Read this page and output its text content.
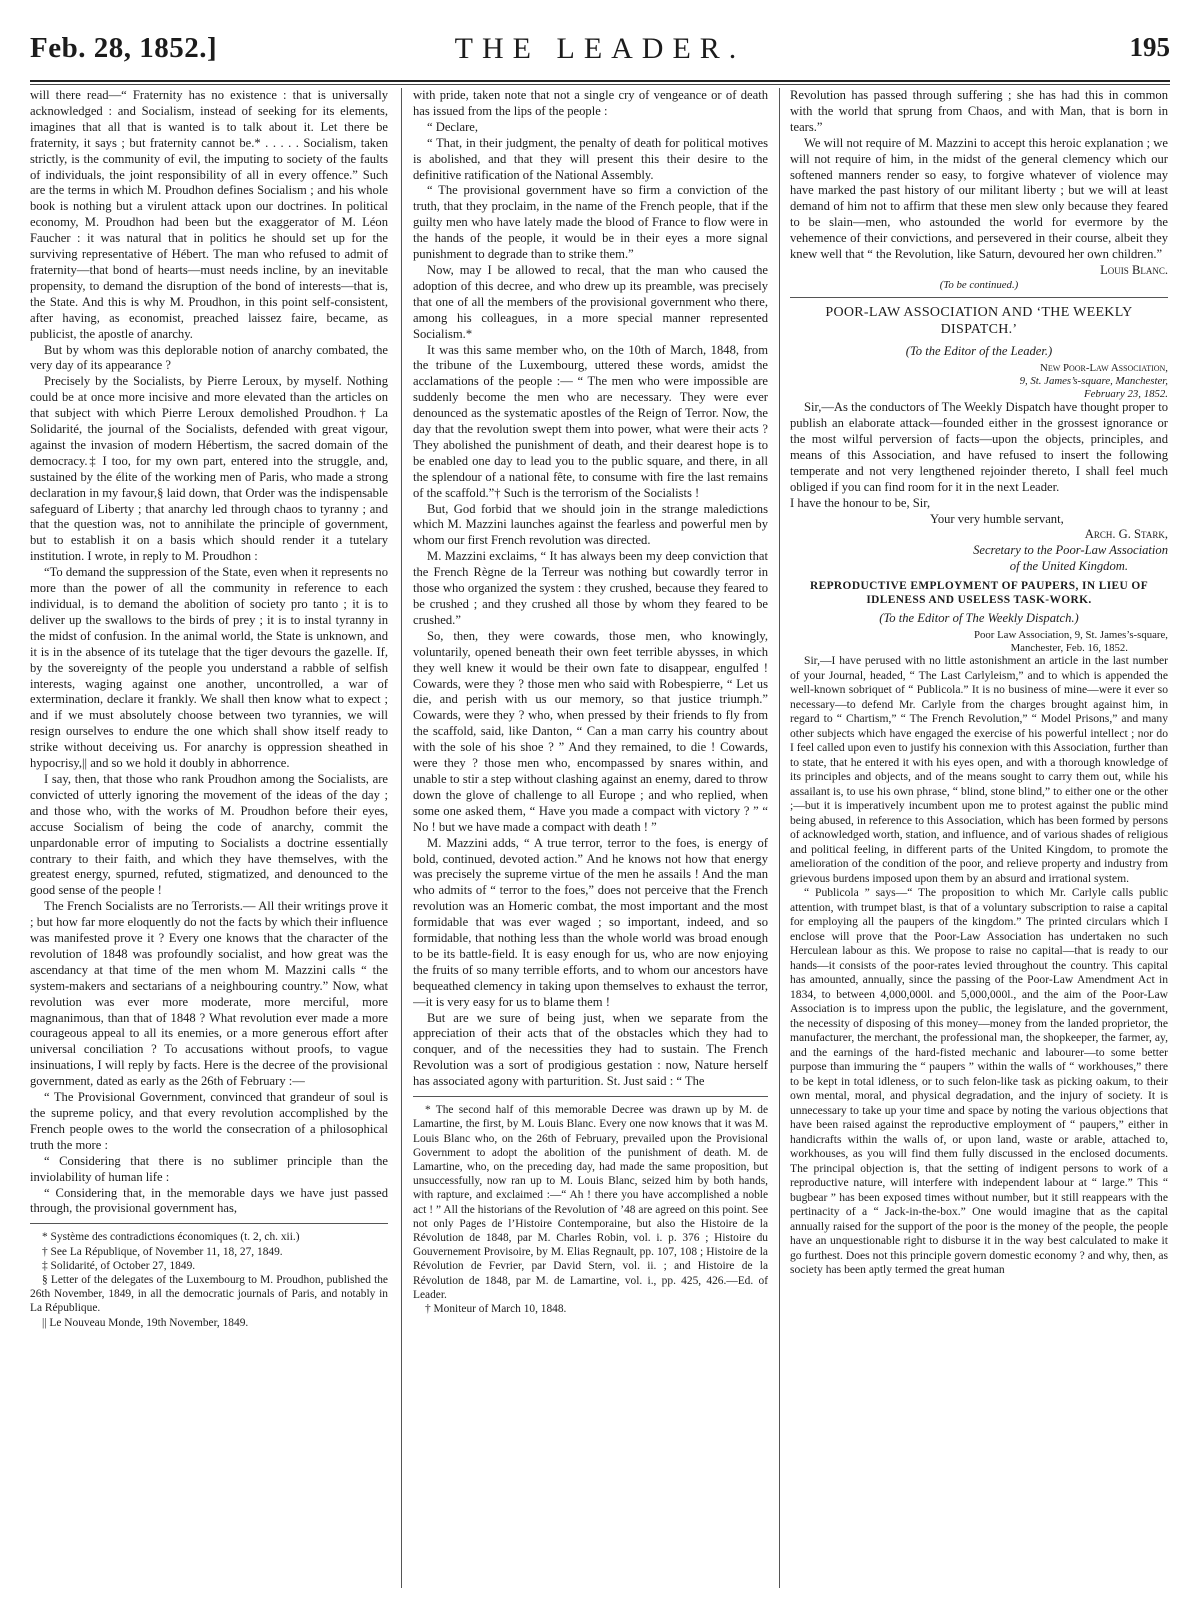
Feb. 28, 1852.]	THE LEADER.	195

will there read—“ Fraternity has no existence : that is universally acknowledged : and Socialism, instead of seeking for its elements, imagines that all that is wanted is to talk about it. Let there be fraternity, it says ; but fraternity cannot be.* . . . . . Socialism, taken strictly, is the community of evil, the imputing to society of the faults of individuals, the joint responsibility of all in every offence.” Such are the terms in which M. Proudhon defines Socialism ; and his whole book is nothing but a virulent attack upon our doctrines. In political economy, M. Proudhon had been but the exaggerator of M. Léon Faucher : it was natural that in politics he should set up for the surviving representative of Hébert. The man who refused to admit of fraternity—that bond of hearts—must needs incline, by an inevitable propensity, to demand the disruption of the bond of interests—that is, the State. And this is why M. Proudhon, in this point self-consistent, after having, as economist, preached laissez faire, became, as publicist, the apostle of anarchy.

But by whom was this deplorable notion of anarchy combated, the very day of its appearance ?

Precisely by the Socialists, by Pierre Leroux, by myself. Nothing could be at once more incisive and more elevated than the articles on that subject with which Pierre Leroux demolished Proudhon.† La Solidarité, the journal of the Socialists, defended with great vigour, against the invasion of modern Hébertism, the sacred domain of the democracy.‡ I too, for my own part, entered into the struggle, and, sustained by the élite of the working men of Paris, who made a strong declaration in my favour,§ laid down, that Order was the indispensable safeguard of Liberty ; that anarchy led through chaos to tyranny ; and that the question was, not to annihilate the principle of government, but to establish it on a basis which should render it a tutelary institution. I wrote, in reply to M. Proudhon :

“To demand the suppression of the State, even when it represents no more than the power of all the community in reference to each individual, is to demand the abolition of society pro tanto ; it is to deliver up the swallows to the birds of prey ; it is to instal tyranny in the midst of confusion. In the animal world, the State is unknown, and it is in the absence of its tutelage that the tiger devours the gazelle. If, by the sovereignty of the people you understand a rabble of selfish interests, waging against one another, uncontrolled, a war of extermination, declare it frankly. We shall then know what to expect ; and if we must absolutely choose between two tyrannies, we will resign ourselves to endure the one which shall show itself ready to strike without deceiving us. For anarchy is oppression sheathed in hypocrisy,|| and so we hold it doubly in abhorrence.

I say, then, that those who rank Proudhon among the Socialists, are convicted of utterly ignoring the movement of the ideas of the day ; and those who, with the works of M. Proudhon before their eyes, accuse Socialism of being the code of anarchy, commit the unpardonable error of imputing to Socialists a doctrine essentially contrary to their faith, and which they have themselves, with the greatest energy, spurned, refuted, stigmatized, and denounced to the good sense of the people !

The French Socialists are no Terrorists.— All their writings prove it ; but how far more eloquently do not the facts by which their influence was manifested prove it ? Every one knows that the character of the revolution of 1848 was profoundly socialist, and how great was the ascendancy at that time of the men whom M. Mazzini calls “ the system-makers and sectarians of a neighbouring country.” Now, what revolution was ever more moderate, more merciful, more magnanimous, than that of 1848 ? What revolution ever made a more courageous appeal to all its enemies, or a more generous effort after universal conciliation ? To accusations without proofs, to vague insinuations, I will reply by facts. Here is the decree of the provisional government, dated as early as the 26th of February :—

“ The Provisional Government, convinced that grandeur of soul is the supreme policy, and that every revolution accomplished by the French people owes to the world the consecration of a philosophical truth the more :

“ Considering that there is no sublimer principle than the inviolability of human life :

“ Considering that, in the memorable days we have just passed through, the provisional government has,

* Système des contradictions économiques (t. 2, ch. xii.)

† See La République, of November 11, 18, 27, 1849.

‡ Solidarité, of October 27, 1849.

§ Letter of the delegates of the Luxembourg to M. Proudhon, published the 26th November, 1849, in all the democratic journals of Paris, and notably in La République.

|| Le Nouveau Monde, 19th November, 1849.

with pride, taken note that not a single cry of vengeance or of death has issued from the lips of the people :

“ Declare,

“ That, in their judgment, the penalty of death for political motives is abolished, and that they will present this their desire to the definitive ratification of the National Assembly.

“ The provisional government have so firm a conviction of the truth, that they proclaim, in the name of the French people, that if the guilty men who have lately made the blood of France to flow were in the hands of the people, it would be in their eyes a more signal punishment to degrade than to strike them.”

Now, may I be allowed to recal, that the man who caused the adoption of this decree, and who drew up its preamble, was precisely that one of all the members of the provisional government who there, among his colleagues, in a more special manner represented Socialism.*

It was this same member who, on the 10th of March, 1848, from the tribune of the Luxembourg, uttered these words, amidst the acclamations of the people :— “ The men who were impossible are suddenly become the men who are necessary. They were ever denounced as the systematic apostles of the Reign of Terror. Now, the day that the revolution swept them into power, what were their acts ? They abolished the punishment of death, and their dearest hope is to be enabled one day to lead you to the public square, and there, in all the splendour of a national fête, to consume with fire the last remains of the scaffold.”† Such is the terrorism of the Socialists !

But, God forbid that we should join in the strange maledictions which M. Mazzini launches against the fearless and powerful men by whom our first French revolution was directed.

M. Mazzini exclaims, “ It has always been my deep conviction that the French Règne de la Terreur was nothing but cowardly terror in those who organized the system : they crushed, because they feared to be crushed ; and they crushed all those by whom they feared to be crushed.”

So, then, they were cowards, those men, who knowingly, voluntarily, opened beneath their own feet terrible abysses, in which they well knew it would be their own fate to disappear, engulfed ! Cowards, were they ? those men who said with Robespierre, “ Let us die, and perish with us our memory, so that justice triumph.” Cowards, were they ? who, when pressed by their friends to fly from the scaffold, said, like Danton, “ Can a man carry his country about with the sole of his shoe ? ” And they remained, to die ! Cowards, were they ? those men who, encompassed by snares within, and unable to stir a step without clashing against an enemy, dared to throw down the glove of challenge to all Europe ; and who replied, when some one asked them, “ Have you made a compact with victory ? ” “ No ! but we have made a compact with death ! ”

M. Mazzini adds, “ A true terror, terror to the foes, is energy of bold, continued, devoted action.” And he knows not how that energy was precisely the supreme virtue of the men he assails ! And the man who admits of “ terror to the foes,” does not perceive that the French revolution was an Homeric combat, the most important and the most formidable that was ever waged ; so important, indeed, and so formidable, that nothing less than the whole world was broad enough to be its battle-field. It is easy enough for us, who are now enjoying the fruits of so many terrible efforts, and to whom our ancestors have bequeathed clemency in taking upon themselves to exhaust the terror,—it is very easy for us to blame them !

But are we sure of being just, when we separate from the appreciation of their acts that of the obstacles which they had to conquer, and of the necessities they had to sustain. The French Revolution was a sort of prodigious gestation : now, Nature herself has associated agony with parturition. St. Just said : “ The

* The second half of this memorable Decree was drawn up by M. de Lamartine, the first, by M. Louis Blanc. Every one now knows that it was M. Louis Blanc who, on the 26th of February, prevailed upon the Provisional Government to adopt the abolition of the punishment of death. M. de Lamartine, who, on the preceding day, had made the same proposition, but unsuccessfully, now ran up to M. Louis Blanc, seized him by both hands, with rapture, and exclaimed :—“ Ah ! there you have accomplished a noble act ! ” All the historians of the Revolution of ’48 are agreed on this point. See not only Pages de l’Histoire Contemporaine, but also the Histoire de la Révolution de 1848, par M. Charles Robin, vol. i. p. 376 ; Histoire du Gouvernement Provisoire, by M. Elias Regnault, pp. 107, 108 ; Histoire de la Révolution de Fevrier, par David Stern, vol. ii. ; and Histoire de la Révolution de 1848, par M. de Lamartine, vol. i., pp. 425, 426.—Ed. of Leader.

† Moniteur of March 10, 1848.

Revolution has passed through suffering ; she has had this in common with the world that sprung from Chaos, and with Man, that is born in tears.”

We will not require of M. Mazzini to accept this heroic explanation ; we will not require of him, in the midst of the general clemency which our softened manners render so easy, to forgive whatever of violence may have marked the past history of our militant liberty ; but we will at least demand of him not to affirm that these men slew only because they feared to be slain—men, who astounded the world for evermore by the vehemence of their convictions, and persevered in their course, albeit they knew well that “ the Revolution, like Saturn, devoured her own children.”

Louis Blanc.

(To be continued.)

POOR-LAW ASSOCIATION AND ‘THE WEEKLY DISPATCH.’

(To the Editor of the Leader.)

New Poor-Law Association,

9, St. James’s-square, Manchester,

February 23, 1852.

Sir,—As the conductors of The Weekly Dispatch have thought proper to publish an elaborate attack—founded either in the grossest ignorance or the most wilful perversion of facts—upon the objects, principles, and means of this Association, and have refused to insert the following temperate and not very lengthened rejoinder thereto, I shall feel much obliged if you can find room for it in the next Leader.

I have the honour to be, Sir,

Your very humble servant,

Arch. G. Stark,

Secretary to the Poor-Law Association

of the United Kingdom.

REPRODUCTIVE EMPLOYMENT OF PAUPERS, IN LIEU OF IDLENESS AND USELESS TASK-WORK.

(To the Editor of The Weekly Dispatch.)

Poor Law Association, 9, St. James’s-square,

Manchester, Feb. 16, 1852.

Sir,—I have perused with no little astonishment an article in the last number of your Journal, headed, “ The Last Carlyleism,” and to which is appended the well-known sobriquet of “ Publicola.” It is no business of mine—were it ever so necessary—to defend Mr. Carlyle from the charges brought against him, in regard to “ Chartism,” “ The French Revolution,” “ Model Prisons,” and many other subjects which have engaged the exercise of his powerful intellect ; nor do I feel called upon even to justify his connexion with this Association, further than to state, that he entered it with his eyes open, and with a thorough knowledge of its principles and objects, and of the means sought to carry them out, while his assailant is, to use his own phrase, “ blind, stone blind,” to either one or the other ;—but it is imperatively incumbent upon me to protest against the public mind being abused, in reference to this Association, which has been formed by persons of acknowledged worth, station, and influence, and of various shades of religious and political feeling, in different parts of the United Kingdom, to promote the amelioration of the condition of the poor, and relieve property and industry from grievous burdens imposed upon them by an absurd and irrational system.

“ Publicola ” says—“ The proposition to which Mr. Carlyle calls public attention, with trumpet blast, is that of a voluntary subscription to raise a capital for employing all the paupers of the kingdom.” The printed circulars which I enclose will prove that the Poor-Law Association has undertaken no such Herculean labour as this. We propose to raise no capital—that is ready to our hands—it consists of the poor-rates levied throughout the country. This capital has amounted, annually, since the passing of the Poor-Law Amendment Act in 1834, to between 4,000,000l. and 5,000,000l., and the aim of the Poor-Law Association is to impress upon the public, the legislature, and the government, the necessity of disposing of this money—money from the landed proprietor, the manufacturer, the merchant, the professional man, the shopkeeper, the farmer, ay, and the earnings of the hard-fisted mechanic and labourer—to some better purpose than immuring the “ paupers ” within the walls of “ workhouses,” there to be kept in total idleness, or to such felon-like task as picking oakum, to their own mental, moral, and physical degradation, and the injury of society. It is unnecessary to take up your time and space by noting the various objections that have been raised against the reproductive employment of “ paupers,” either in handicrafts within the walls of, or upon land, waste or arable, attached to, workhouses, as you will find them fully discussed in the enclosed documents. The principal objection is, that the setting of indigent persons to work of a reproductive nature, will interfere with independent labour at “ large.” This “ bugbear ” has been exposed times without number, but it still reappears with the pertinacity of a “ Jack-in-the-box.” One would imagine that as the capital annually raised for the support of the poor is the money of the people, the people have an unquestionable right to disburse it in the way best calculated to make it go furthest. Does not this principle govern domestic economy ? and why, then, as society has been aptly termed the great human
